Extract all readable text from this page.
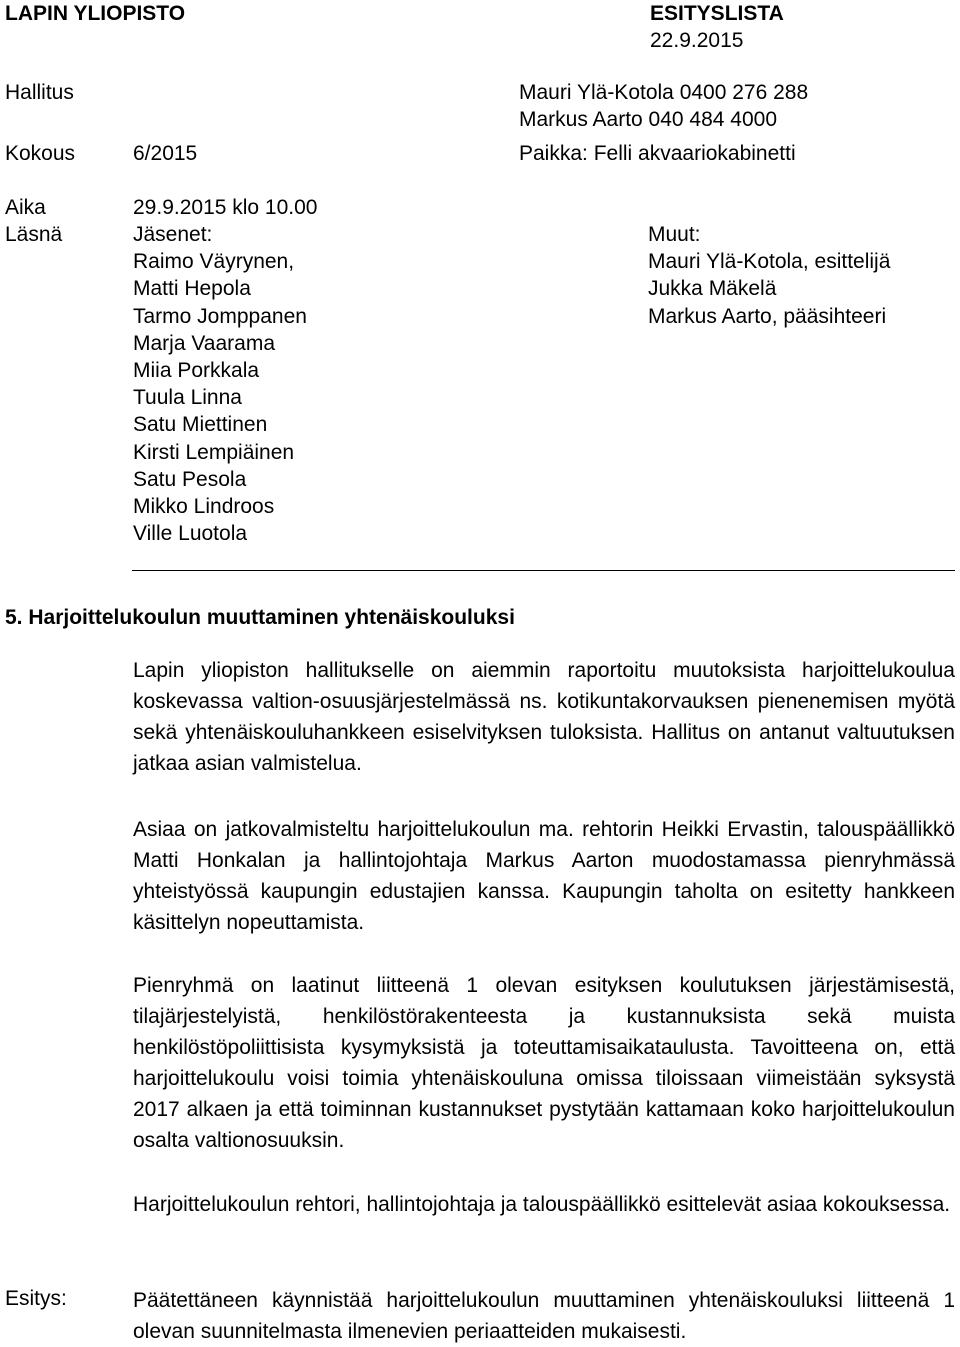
LAPIN YLIOPISTO	ESITYSLISTA
22.9.2015
Hallitus	Mauri Ylä-Kotola 0400 276 288
Markus Aarto 040 484 4000
Kokous	6/2015	Paikka: Felli akvaariokabinetti
Aika	29.9.2015 klo 10.00
Läsnä	Jäsenet:
Raimo Väyrynen,
Matti Hepola
Tarmo Jomppanen
Marja Vaarama
Miia Porkkala
Tuula Linna
Satu Miettinen
Kirsti Lempiäinen
Satu Pesola
Mikko Lindroos
Ville Luotola
Muut:
Mauri Ylä-Kotola, esittelijä
Jukka Mäkelä
Markus Aarto, pääsihteeri
5. Harjoittelukoulun muuttaminen yhtenäiskouluksi
Lapin yliopiston hallitukselle on aiemmin raportoitu muutoksista harjoittelukoulua koskevassa valtion-osuusjärjestelmässä ns. kotikuntakorvauksen pienenemisen myötä sekä yhtenäiskouluhankkeen esiselvityksen tuloksista. Hallitus on antanut valtuutuksen jatkaa asian valmistelua.
Asiaa on jatkovalmisteltu harjoittelukoulun ma. rehtorin Heikki Ervastin, talouspäällikkö Matti Honkalan ja hallintojohtaja Markus Aarton muodostamassa pienryhmässä yhteistyössä kaupungin edustajien kanssa. Kaupungin taholta on esitetty hankkeen käsittelyn nopeuttamista.
Pienryhmä on laatinut liitteenä 1 olevan esityksen koulutuksen järjestämisestä, tilajärjestelyistä, henkilöstörakenteesta ja kustannuksista sekä muista henkilöstöpoliittisista kysymyksistä ja toteuttamisaikataulusta. Tavoitteena on, että harjoittelukoulu voisi toimia yhtenäiskouluna omissa tiloissaan viimeistään syksystä 2017 alkaen ja että toiminnan kustannukset pystytään kattamaan koko harjoittelukoulun osalta valtionosuuksin.
Harjoittelukoulun rehtori, hallintojohtaja ja talouspäällikkö esittelevät asiaa kokouksessa.
Esitys:	Päätettäneen käynnistää harjoittelukoulun muuttaminen yhtenäiskouluksi liitteenä 1 olevan suunnitelmasta ilmenevien periaatteiden mukaisesti.
